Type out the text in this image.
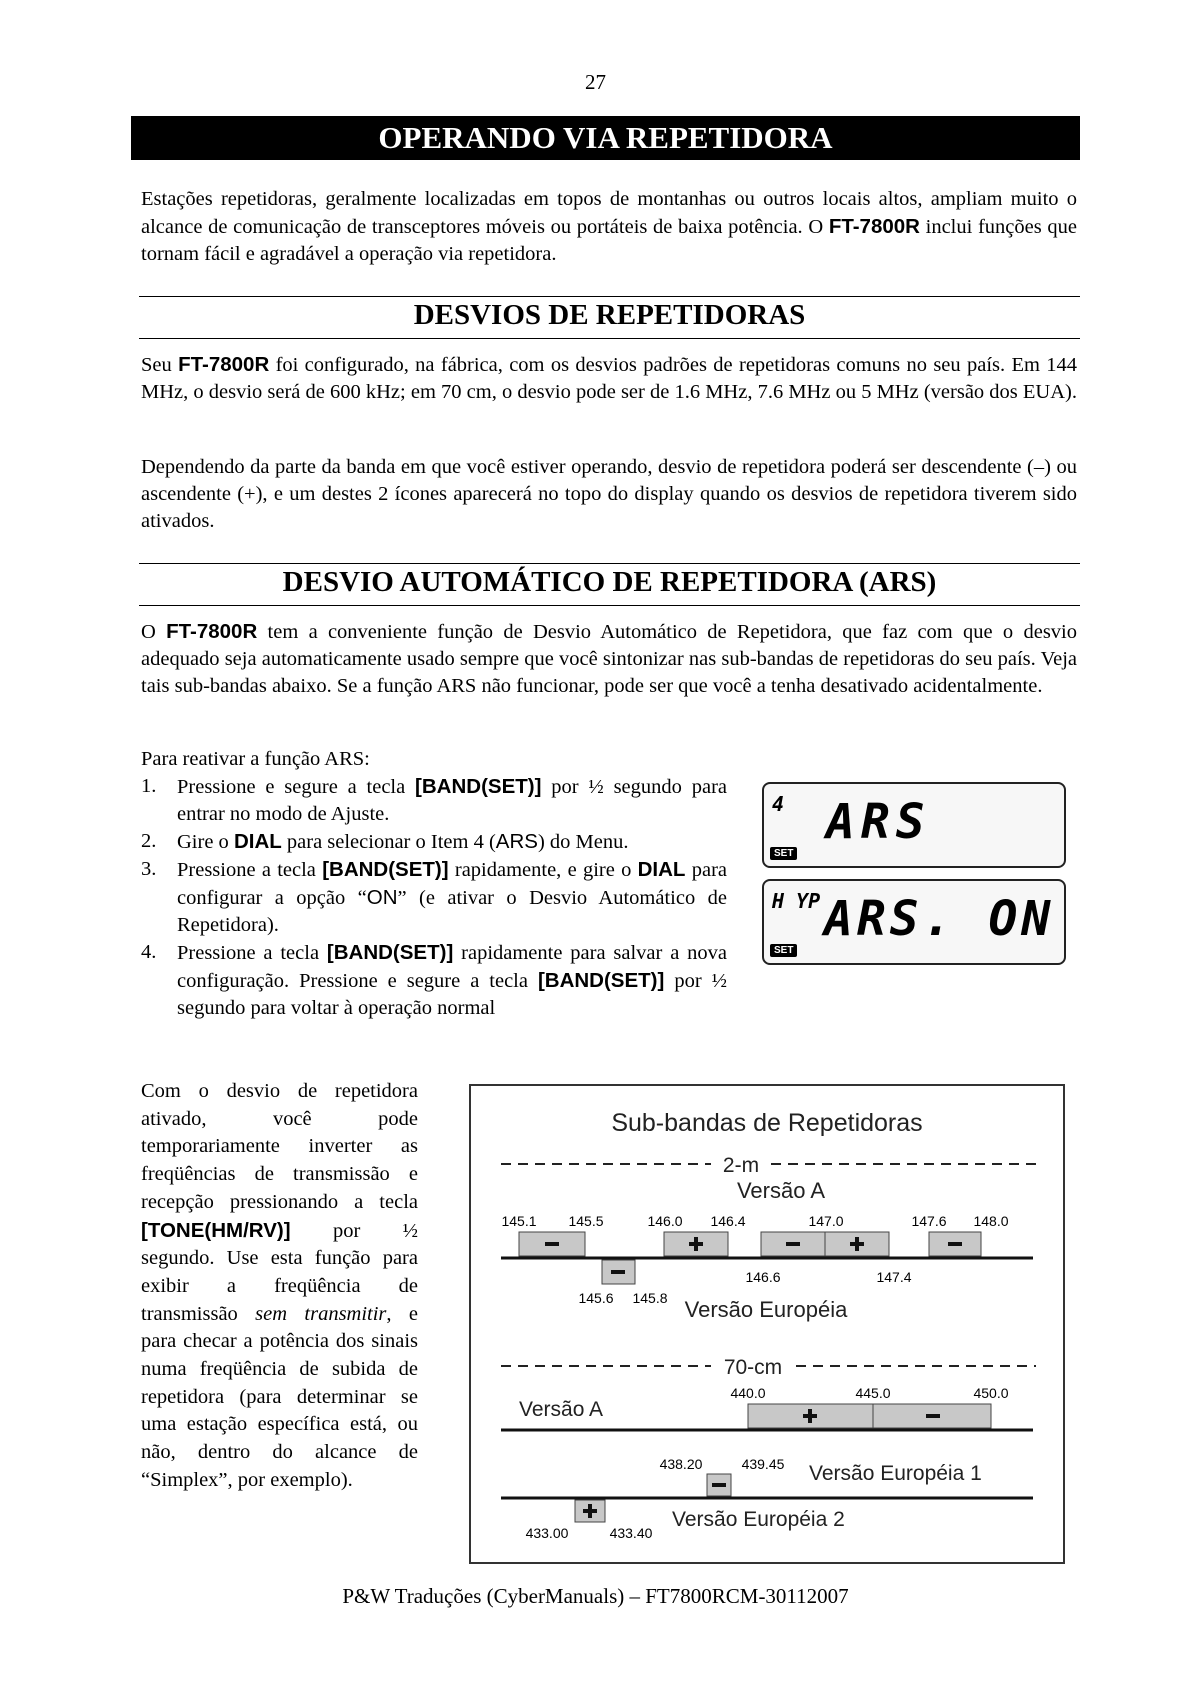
27
OPERANDO VIA REPETIDORA
Estações repetidoras, geralmente localizadas em topos de montanhas ou outros locais altos, ampliam muito o alcance de comunicação de transceptores móveis ou portáteis de baixa potência. O FT-7800R inclui funções que tornam fácil e agradável a operação via repetidora.
DESVIOS DE REPETIDORAS
Seu FT-7800R foi configurado, na fábrica, com os desvios padrões de repetidoras comuns no seu país. Em 144 MHz, o desvio será de 600 kHz; em 70 cm, o desvio pode ser de 1.6 MHz, 7.6 MHz ou 5 MHz (versão dos EUA).
Dependendo da parte da banda em que você estiver operando, desvio de repetidora poderá ser descendente (–) ou ascendente (+), e um destes 2 ícones aparecerá no topo do display quando os desvios de repetidora tiverem sido ativados.
DESVIO AUTOMÁTICO DE REPETIDORA (ARS)
O FT-7800R tem a conveniente função de Desvio Automático de Repetidora, que faz com que o desvio adequado seja automaticamente usado sempre que você sintonizar nas sub-bandas de repetidoras do seu país. Veja tais sub-bandas abaixo. Se a função ARS não funcionar, pode ser que você a tenha desativado acidentalmente.
Para reativar a função ARS:
1. Pressione e segure a tecla [BAND(SET)] por ½ segundo para entrar no modo de Ajuste.
2. Gire o DIAL para selecionar o Item 4 (ARS) do Menu.
3. Pressione a tecla [BAND(SET)] rapidamente, e gire o DIAL para configurar a opção “ON” (e ativar o Desvio Automático de Repetidora).
4. Pressione a tecla [BAND(SET)] rapidamente para salvar a nova configuração. Pressione e segure a tecla [BAND(SET)] por ½ segundo para voltar à operação normal
4 ARS
SET
H YP ARS. ON
SET
Com o desvio de repetidora ativado, você pode temporariamente inverter as freqüências de transmissão e recepção pressionando a tecla [TONE(HM/RV)] por ½ segundo. Use esta função para exibir a freqüência de transmissão sem transmitir, e para checar a potência dos sinais numa freqüência de subida de repetidora (para determinar se uma estação específica está, ou não, dentro do alcance de “Simplex”, por exemplo).
Sub-bandas de Repetidoras
2-m
Versão A
145.1 145.5	146.0 146.4	147.0	147.6 148.0
146.6	147.4
145.6 145.8 Versão Européia
70-cm
Versão A
440.0	445.0	450.0
438.20	439.45 Versão Européia 1
433.00	433.40
Versão Européia 2
P&W Traduções (CyberManuals) – FT7800RCM-30112007
